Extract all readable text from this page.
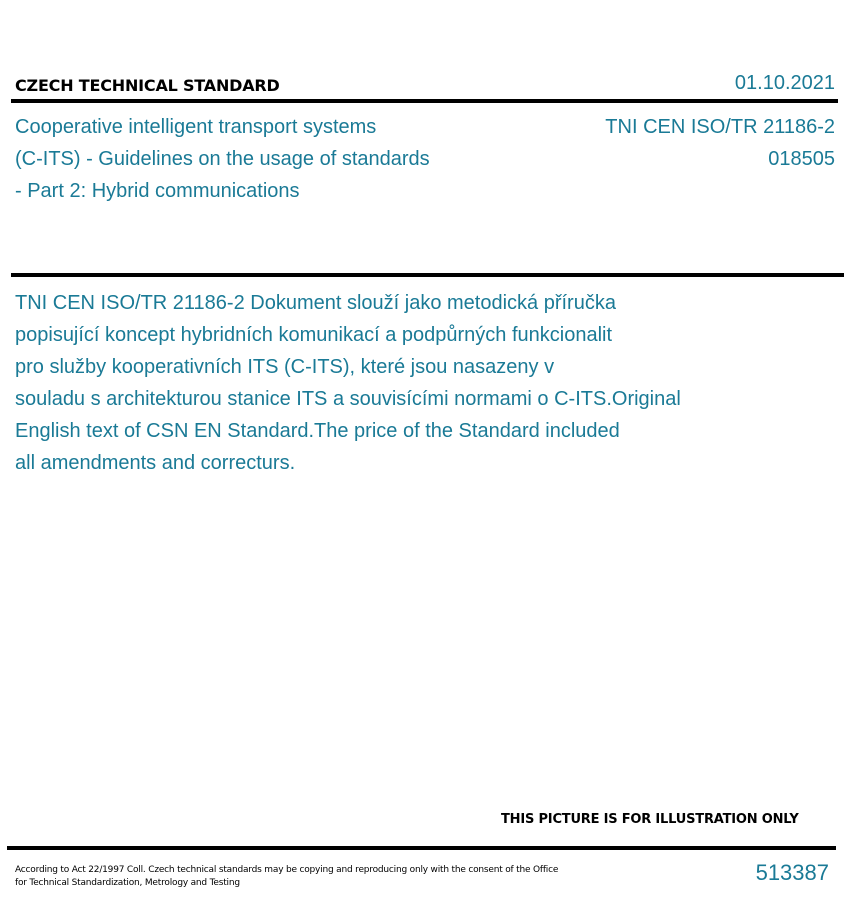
CZECH TECHNICAL STANDARD	01.10.2021
Cooperative intelligent transport systems
(C-ITS) - Guidelines on the usage of standards
- Part 2: Hybrid communications
TNI CEN ISO/TR 21186-2
018505
TNI CEN ISO/TR 21186-2 Dokument slouží jako metodická příručka
popisující koncept hybridních komunikací a podpůrných funkcionalit
pro služby kooperativních ITS (C-ITS), které jsou nasazeny v
souladu s architekturou stanice ITS a souvisícími normami o C-ITS.Original
English text of CSN EN Standard.The price of the Standard included
all amendments and correcturs.
THIS PICTURE IS FOR ILLUSTRATION ONLY
According to Act 22/1997 Coll. Czech technical standards may be copying and reproducing only with the consent of the Office
for Technical Standardization, Metrology and Testing	513387
